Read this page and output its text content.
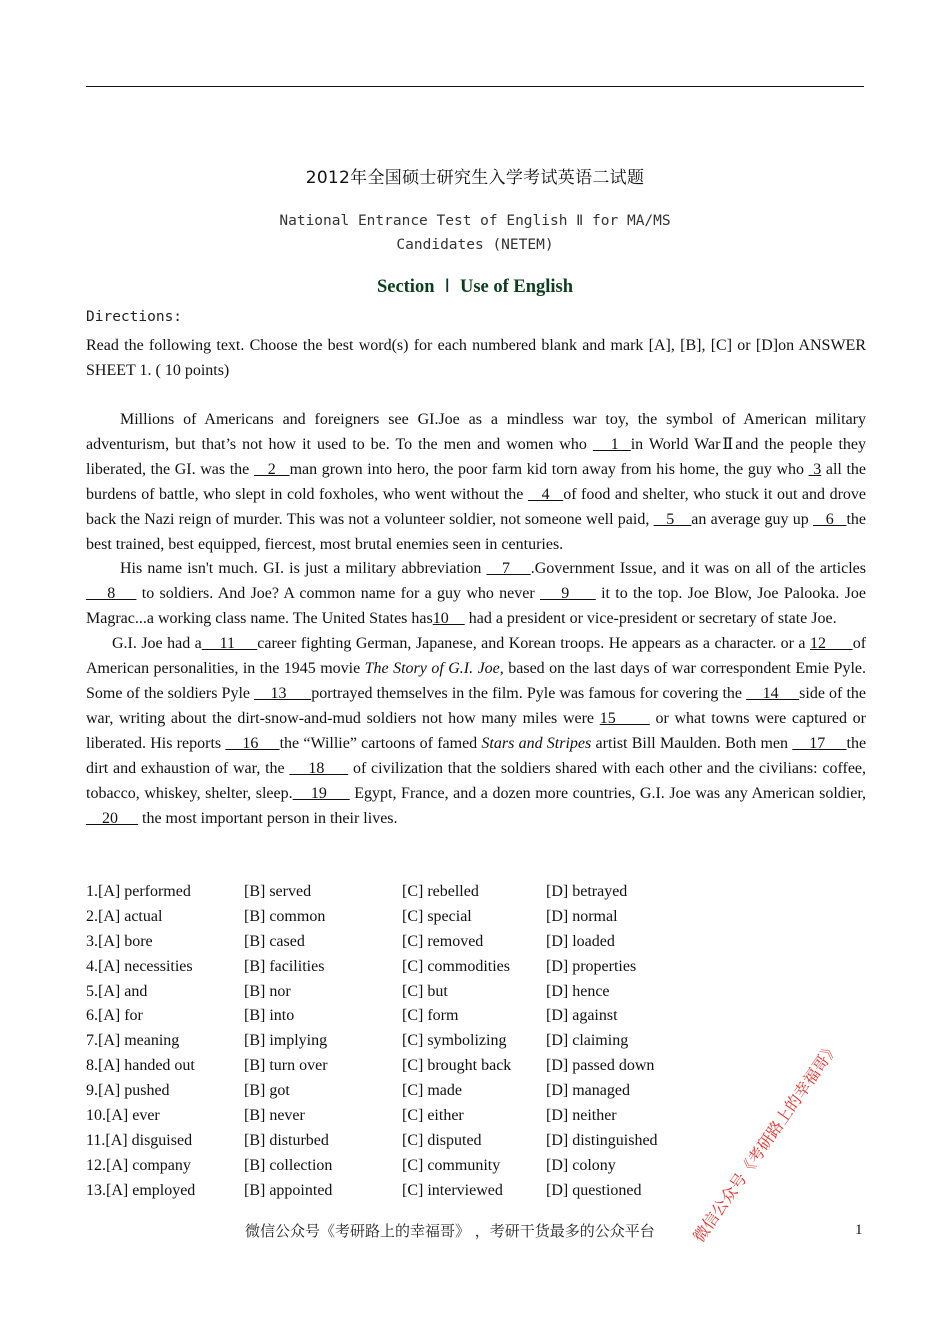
2012年全国硕士研究生入学考试英语二试题
National Entrance Test of English Ⅱ for MA/MS
Candidates (NETEM)
Section Ⅰ Use of English
Directions:
Read the following text. Choose the best word(s) for each numbered blank and mark [A], [B], [C] or [D]on ANSWER SHEET 1. ( 10 points)

Millions of Americans and foreigners see GI.Joe as a mindless war toy, the symbol of American military adventurism, but that’s not how it used to be. To the men and women who    1  in World WarⅡand the people they liberated, the GI. was the    2   man grown into hero, the poor farm kid torn away from his home, the guy who  3 all the burdens of battle, who slept in cold foxholes, who went without the    4   of food and shelter, who stuck it out and drove back the Nazi reign of murder. This was not a volunteer soldier, not someone well paid,    5    an average guy up    6   the best trained, best equipped, fiercest, most brutal enemies seen in centuries.

His name isn't much. GI. is just a military abbreviation    7    .Government Issue, and it was on all of the articles    8     to soldiers. And Joe? A common name for a guy who never     9      it to the top. Joe Blow, Joe Palooka. Joe Magrac...a working class name. The United States has10     had a president or vice-president or secretary of state Joe.

G.I. Joe had a    11     career fighting German, Japanese, and Korean troops. He appears as a character. or a 12      of American personalities, in the 1945 movie The Story of G.I. Joe, based on the last days of war correspondent Emie Pyle. Some of the soldiers Pyle     13      portrayed themselves in the film. Pyle was famous for covering the     14     side of the war, writing about the dirt-snow-and-mud soldiers not how many miles were 15       or what towns were captured or liberated. His reports     16     the “Willie” cartoons of famed Stars and Stripes artist Bill Maulden. Both men     17     the dirt and exhaustion of war, the     18      of civilization that the soldiers shared with each other and the civilians: coffee, tobacco, whiskey, shelter, sleep.    19      Egypt, France, and a dozen more countries, G.I. Joe was any American soldier,     20      the most important person in their lives.

1.[A] performed	[B] served	[C] rebelled	[D] betrayed
2.[A] actual	[B] common	[C] special	[D] normal
3.[A] bore	[B] cased	[C] removed	[D] loaded
4.[A] necessities	[B] facilities	[C] commodities [D] properties
5.[A] and	[B] nor	[C] but	[D] hence
6.[A] for	[B] into	[C] form	[D] against
7.[A] meaning	[B] implying	[C] symbolizing [D] claiming
8.[A] handed out	[B] turn over	[C] brought back [D] passed down
9.[A] pushed	[B] got	[C] made	[D] managed
10.[A] ever	[B] never	[C] either	[D] neither
11.[A] disguised	[B] disturbed	[C] disputed	[D] distinguished
12.[A] company	[B] collection	[C] community	[D] colony
13.[A] employed	[B] appointed	[C] interviewed	[D] questioned	微信公众号《考研路上的幸福哥》
微信公众号《考研路上的幸福哥》 ，考研干货最多的公众平台	1
